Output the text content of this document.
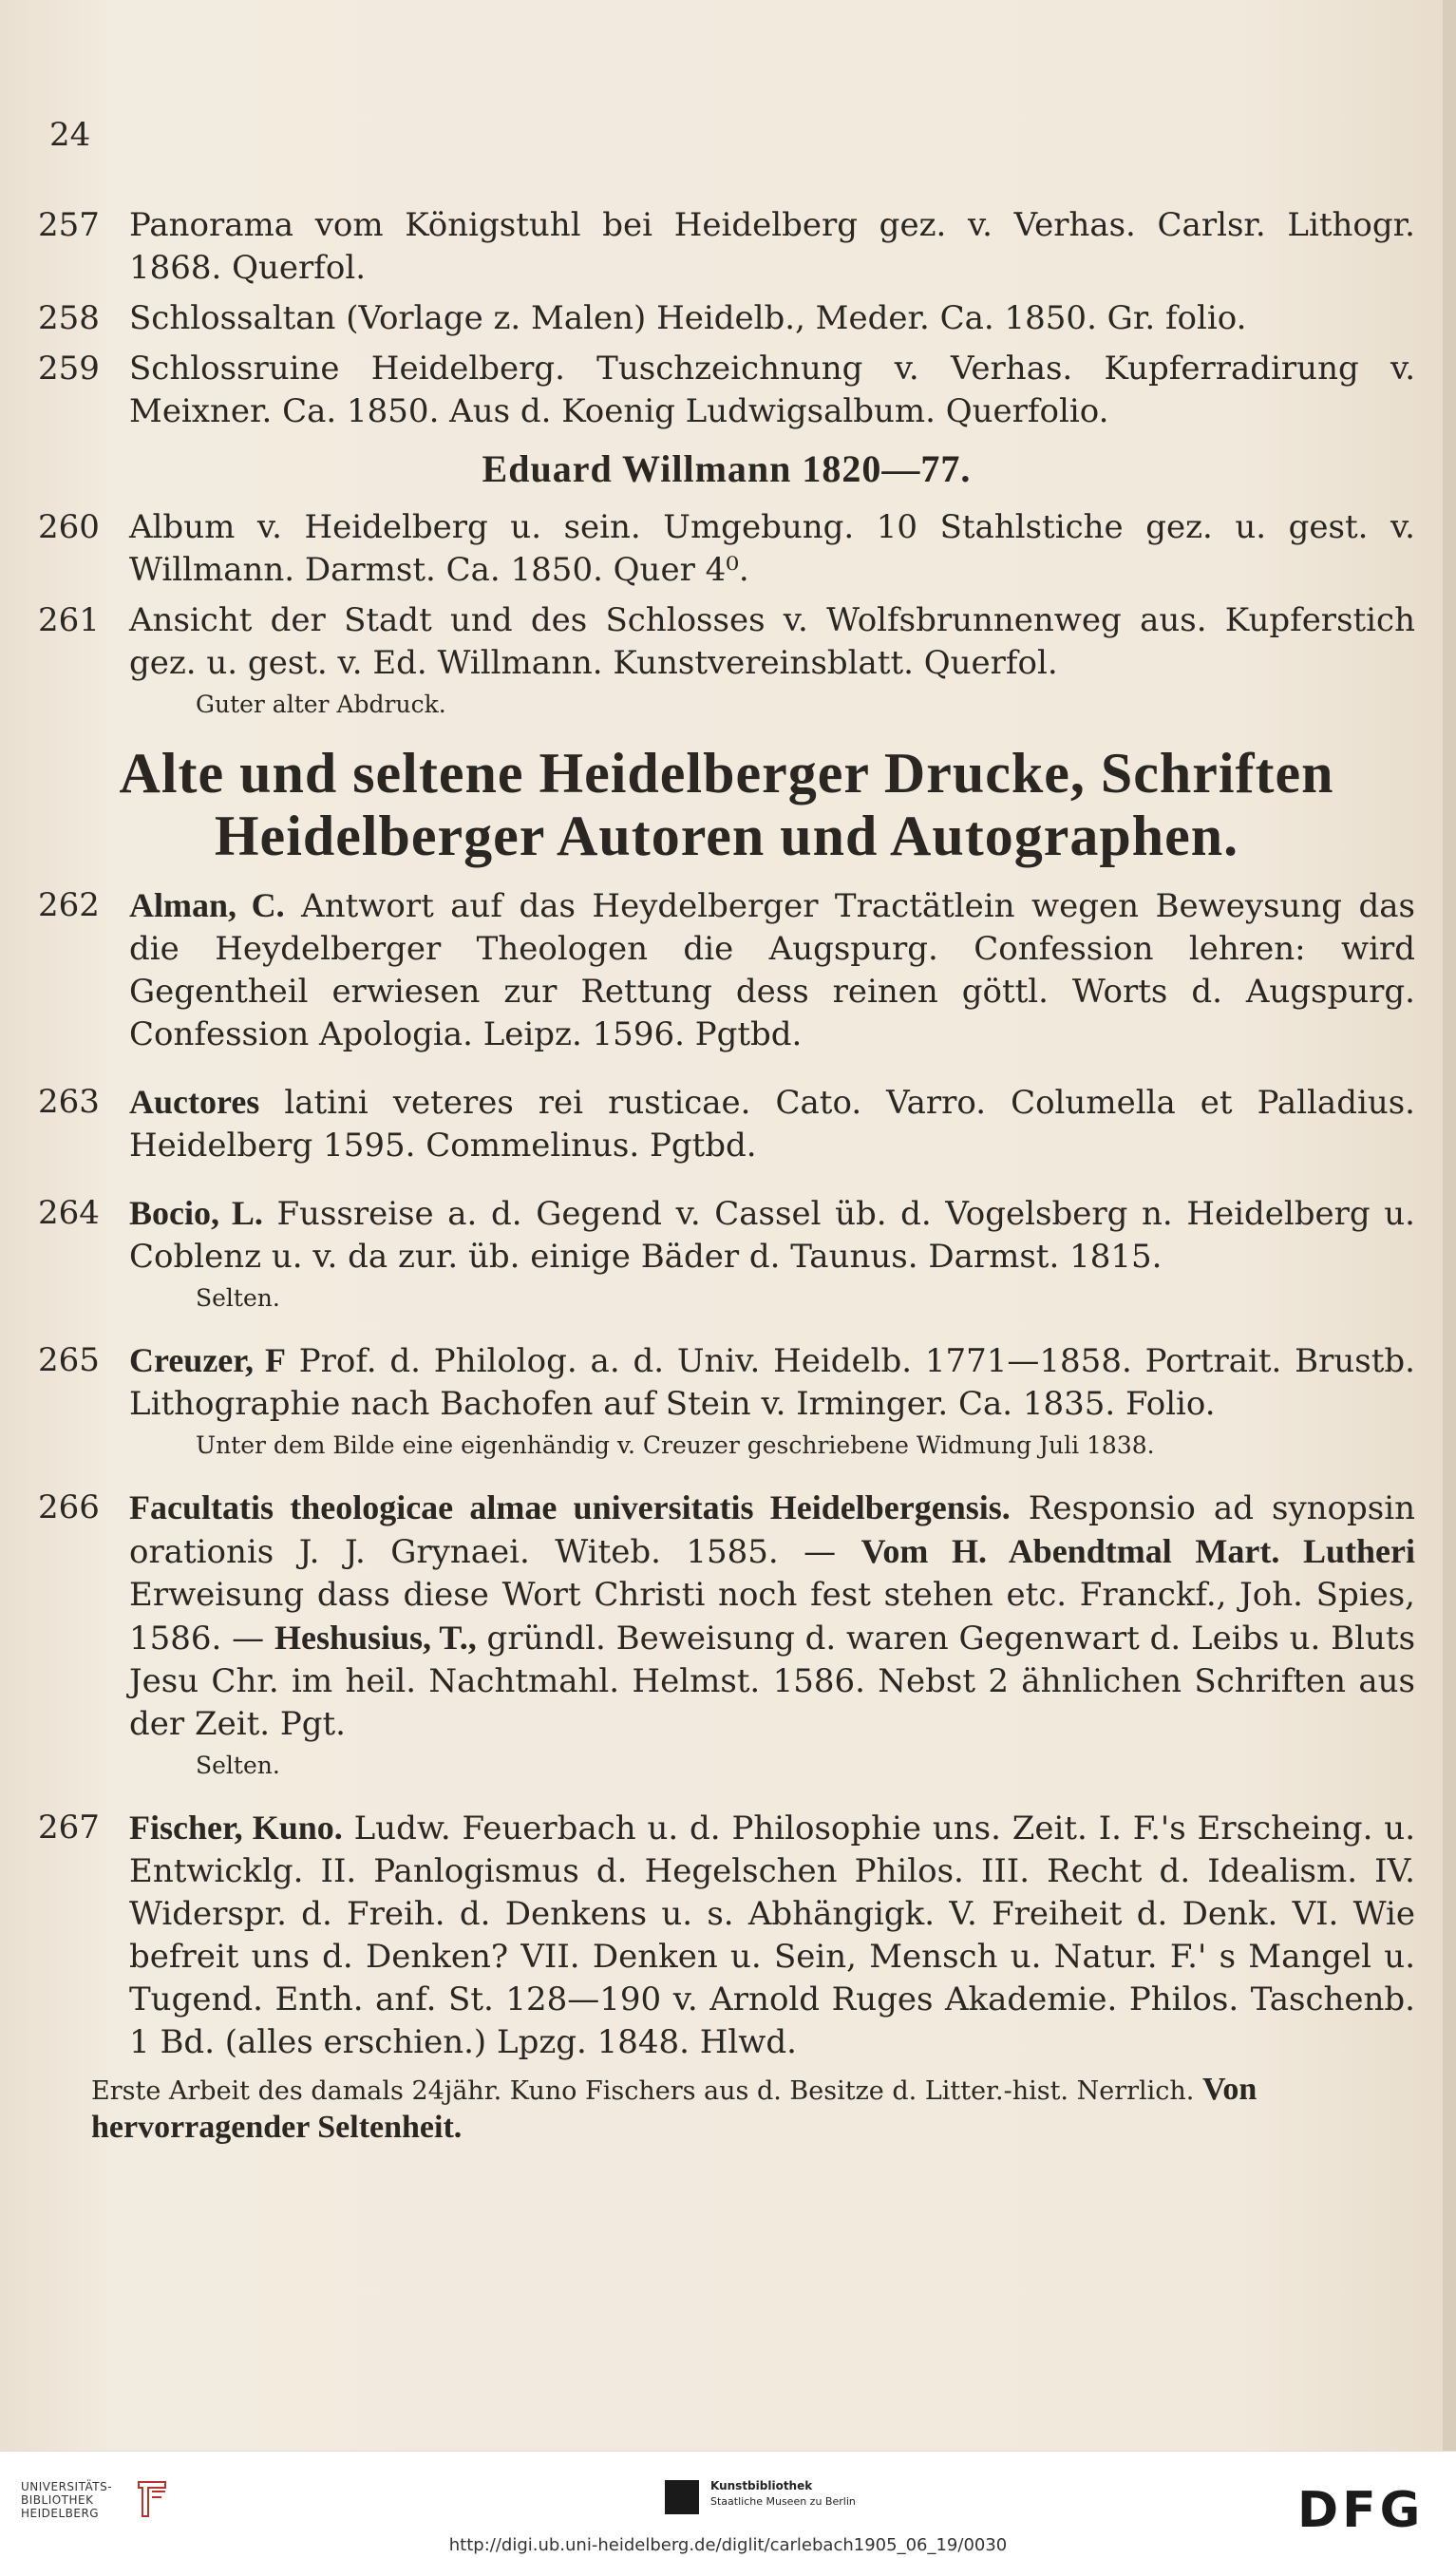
24
257 Panorama vom Königstuhl bei Heidelberg gez. v. Verhas. Carlsr. Lithogr. 1868. Querfol.
258 Schlossaltan (Vorlage z. Malen) Heidelb., Meder. Ca. 1850. Gr. folio.
259 Schlossruine Heidelberg. Tuschzeichnung v. Verhas. Kupferradirung v. Meixner. Ca. 1850. Aus d. Koenig Ludwigsalbum. Querfolio.
Eduard Willmann 1820—77.
260 Album v. Heidelberg u. sein. Umgebung. 10 Stahlstiche gez. u. gest. v. Willmann. Darmst. Ca. 1850. Quer 4⁰.
261 Ansicht der Stadt und des Schlosses v. Wolfsbrunnenweg aus. Kupferstich gez. u. gest. v. Ed. Willmann. Kunstvereinsblatt. Querfol.
Guter alter Abdruck.
Alte und seltene Heidelberger Drucke, Schriften
Heidelberger Autoren und Autographen.
262 Alman, C. Antwort auf das Heydelberger Tractätlein wegen Beweysung das die Heydelberger Theologen die Augspurg. Confession lehren: wird Gegentheil erwiesen zur Rettung dess reinen göttl. Worts d. Augspurg. Confession Apologia. Leipz. 1596. Pgtbd.
263 Auctores latini veteres rei rusticae. Cato. Varro. Columella et Palladius. Heidelberg 1595. Commelinus. Pgtbd.
264 Bocio, L. Fussreise a. d. Gegend v. Cassel üb. d. Vogelsberg n. Heidelberg u. Coblenz u. v. da zur. üb. einige Bäder d. Taunus. Darmst. 1815.
Selten.
265 Creuzer, F Prof. d. Philolog. a. d. Univ. Heidelb. 1771—1858. Portrait. Brustb. Lithographie nach Bachofen auf Stein v. Irminger. Ca. 1835. Folio.
Unter dem Bilde eine eigenhändig v. Creuzer geschriebene Widmung Juli 1838.
266 Facultatis theologicae almae universitatis Heidelbergensis. Responsio ad synopsin orationis J. J. Grynaei. Witeb. 1585. — Vom H. Abendtmal Mart. Lutheri Erweisung dass diese Wort Christi noch fest stehen etc. Franckf., Joh. Spies, 1586. — Heshusius, T., gründl. Beweisung d. waren Gegenwart d. Leibs u. Bluts Jesu Chr. im heil. Nachtmahl. Helmst. 1586. Nebst 2 ähnlichen Schriften aus der Zeit. Pgt.
Selten.
267 Fischer, Kuno. Ludw. Feuerbach u. d. Philosophie uns. Zeit. I. F.'s Erscheing. u. Entwicklg. II. Panlogismus d. Hegelschen Philos. III. Recht d. Idealism. IV. Widerspr. d. Freih. d. Denkens u. s. Abhängigk. V. Freiheit d. Denk. VI. Wie befreit uns d. Denken? VII. Denken u. Sein, Mensch u. Natur. F.' s Mangel u. Tugend. Enth. anf. St. 128—190 v. Arnold Ruges Akademie. Philos. Taschenb. 1 Bd. (alles erschien.) Lpzg. 1848. Hlwd.
Erste Arbeit des damals 24jähr. Kuno Fischers aus d. Besitze d. Litter.-hist. Nerrlich. Von hervorragender Seltenheit.
UNIVERSITÄTS-
BIBLIOTHEK
HEIDELBERG
Kunstbibliothek
Staatliche Museen zu Berlin	DFG
http://digi.ub.uni-heidelberg.de/diglit/carlebach1905_06_19/0030
